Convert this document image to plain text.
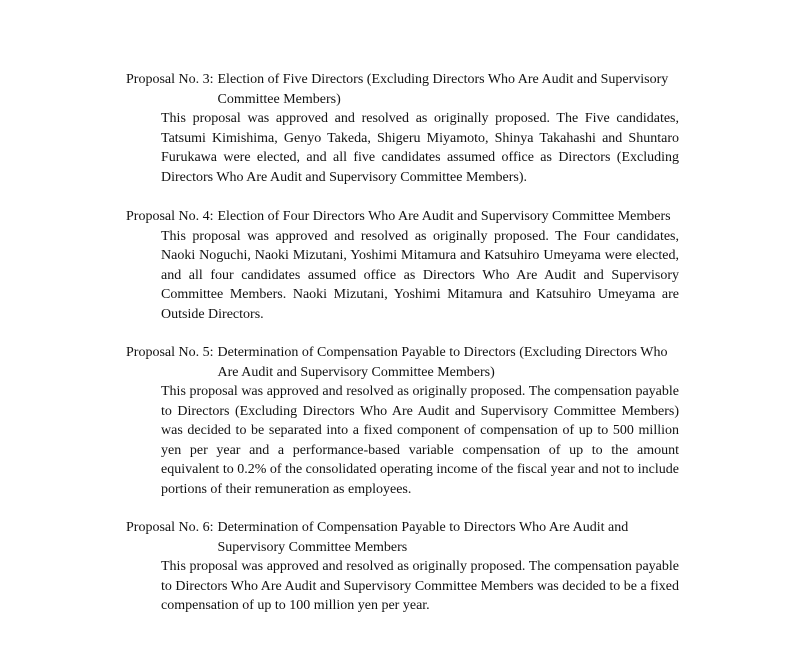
Proposal No. 3: Election of Five Directors (Excluding Directors Who Are Audit and Supervisory Committee Members)
This proposal was approved and resolved as originally proposed. The Five candidates, Tatsumi Kimishima, Genyo Takeda, Shigeru Miyamoto, Shinya Takahashi and Shuntaro Furukawa were elected, and all five candidates assumed office as Directors (Excluding Directors Who Are Audit and Supervisory Committee Members).
Proposal No. 4: Election of Four Directors Who Are Audit and Supervisory Committee Members
This proposal was approved and resolved as originally proposed. The Four candidates, Naoki Noguchi, Naoki Mizutani, Yoshimi Mitamura and Katsuhiro Umeyama were elected, and all four candidates assumed office as Directors Who Are Audit and Supervisory Committee Members. Naoki Mizutani, Yoshimi Mitamura and Katsuhiro Umeyama are Outside Directors.
Proposal No. 5: Determination of Compensation Payable to Directors (Excluding Directors Who Are Audit and Supervisory Committee Members)
This proposal was approved and resolved as originally proposed. The compensation payable to Directors (Excluding Directors Who Are Audit and Supervisory Committee Members) was decided to be separated into a fixed component of compensation of up to 500 million yen per year and a performance-based variable compensation of up to the amount equivalent to 0.2% of the consolidated operating income of the fiscal year and not to include portions of their remuneration as employees.
Proposal No. 6: Determination of Compensation Payable to Directors Who Are Audit and Supervisory Committee Members
This proposal was approved and resolved as originally proposed. The compensation payable to Directors Who Are Audit and Supervisory Committee Members was decided to be a fixed compensation of up to 100 million yen per year.
